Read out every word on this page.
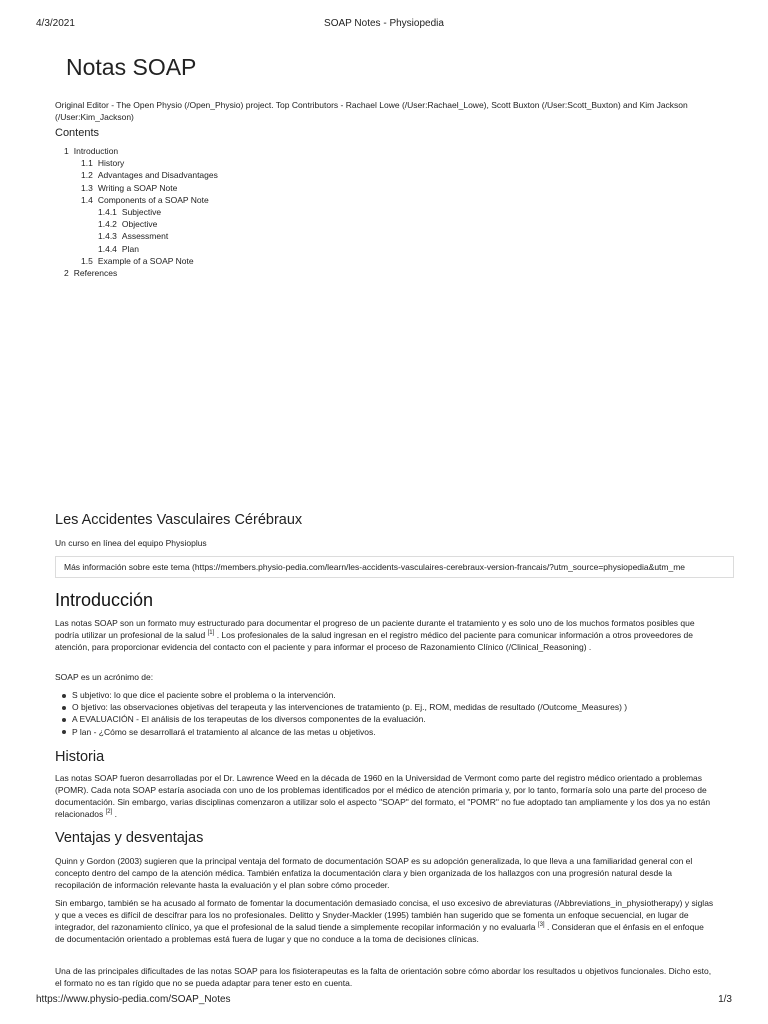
4/3/2021	SOAP Notes - Physiopedia
Notas SOAP

Original Editor - The Open Physio (/Open_Physio) project. Top Contributors - Rachael Lowe (/User:Rachael_Lowe), Scott Buxton (/User:Scott_Buxton) and Kim Jackson (/User:Kim_Jackson)

Contents
1 Introduction
1.1 History
1.2 Advantages and Disadvantages
1.3 Writing a SOAP Note
1.4 Components of a SOAP Note
1.4.1 Subjective
1.4.2 Objective
1.4.3 Assessment
1.4.4 Plan
1.5 Example of a SOAP Note
2 References
Les Accidentes Vasculaires Cérébraux

Un curso en línea del equipo Physioplus

Más información sobre este tema (https://members.physio-pedia.com/learn/les-accidents-vasculaires-cerebraux-version-francais/?utm_source=physiopedia&utm_me
Introducción

Las notas SOAP son un formato muy estructurado para documentar el progreso de un paciente durante el tratamiento y es solo uno de los muchos formatos posibles que podría utilizar un profesional de la salud [1] . Los profesionales de la salud ingresan en el registro médico del paciente para comunicar información a otros proveedores de atención, para proporcionar evidencia del contacto con el paciente y para informar el proceso de Razonamiento Clínico (/Clinical_Reasoning) .

SOAP es un acrónimo de:

S ubjetivo: lo que dice el paciente sobre el problema o la intervención.
O bjetivo: las observaciones objetivas del terapeuta y las intervenciones de tratamiento (p. Ej., ROM, medidas de resultado (/Outcome_Measures) )
A EVALUACIÓN - El análisis de los terapeutas de los diversos componentes de la evaluación.
P lan - ¿Cómo se desarrollará el tratamiento al alcance de las metas u objetivos.
Historia

Las notas SOAP fueron desarrolladas por el Dr. Lawrence Weed en la década de 1960 en la Universidad de Vermont como parte del registro médico orientado a problemas (POMR). Cada nota SOAP estaría asociada con uno de los problemas identificados por el médico de atención primaria y, por lo tanto, formaría solo una parte del proceso de documentación. Sin embargo, varias disciplinas comenzaron a utilizar solo el aspecto "SOAP" del formato, el "POMR" no fue adoptado tan ampliamente y los dos ya no están relacionados [2] .

Ventajas y desventajas

Quinn y Gordon (2003) sugieren que la principal ventaja del formato de documentación SOAP es su adopción generalizada, lo que lleva a una familiaridad general con el concepto dentro del campo de la atención médica. También enfatiza la documentación clara y bien organizada de los hallazgos con una progresión natural desde la recopilación de información relevante hasta la evaluación y el plan sobre cómo proceder.

Sin embargo, también se ha acusado al formato de fomentar la documentación demasiado concisa, el uso excesivo de abreviaturas (/Abbreviations_in_physiotherapy) y siglas y que a veces es difícil de descifrar para los no profesionales. Delitto y Snyder-Mackler (1995) también han sugerido que se fomenta un enfoque secuencial, en lugar de integrador, del razonamiento clínico, ya que el profesional de la salud tiende a simplemente recopilar información y no evaluarla [3] . Consideran que el énfasis en el enfoque de documentación orientado a problemas está fuera de lugar y que no conduce a la toma de decisiones clínicas.

Una de las principales dificultades de las notas SOAP para los fisioterapeutas es la falta de orientación sobre cómo abordar los resultados u objetivos funcionales. Dicho esto, el formato no es tan rígido que no se pueda adaptar para tener esto en cuenta.

https://www.physio-pedia.com/SOAP_Notes	1/3
